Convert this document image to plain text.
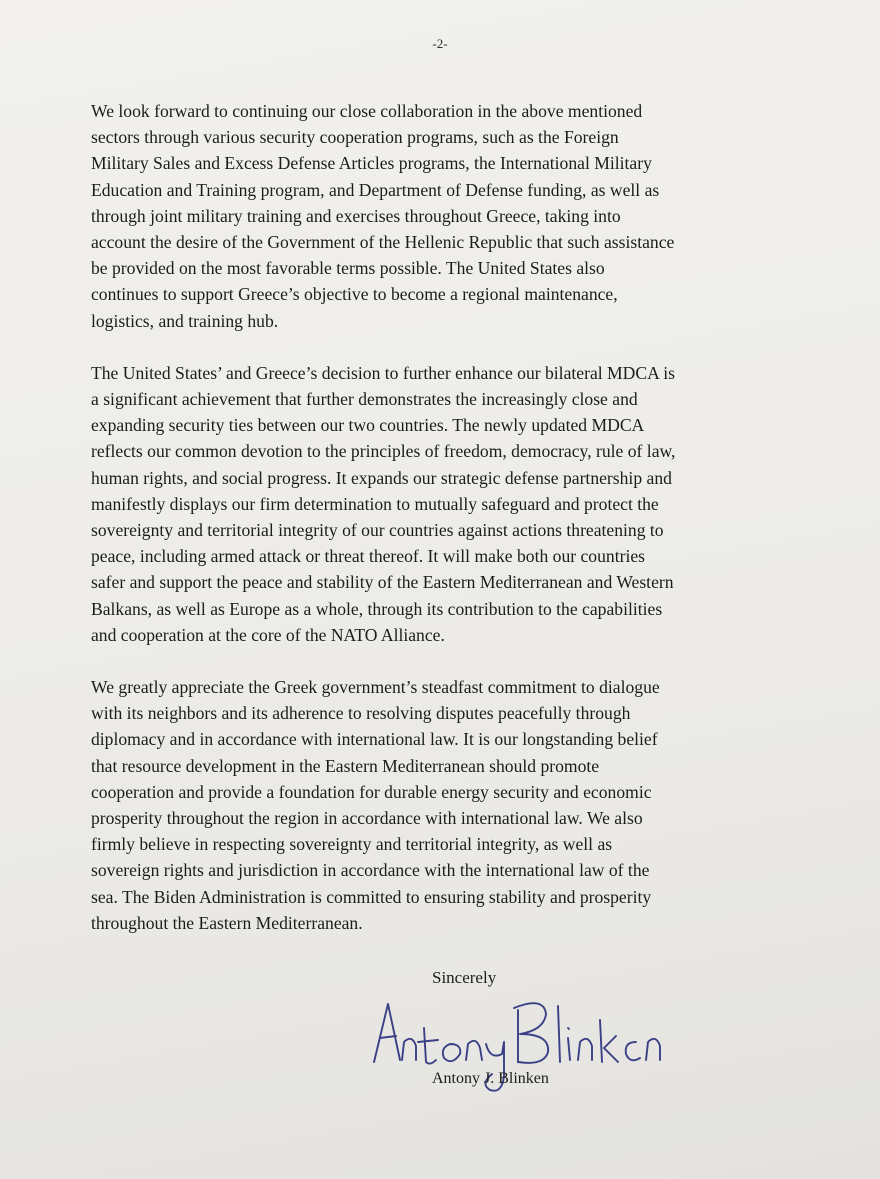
-2-

We look forward to continuing our close collaboration in the above mentioned
sectors through various security cooperation programs, such as the Foreign
Military Sales and Excess Defense Articles programs, the International Military
Education and Training program, and Department of Defense funding, as well as
through joint military training and exercises throughout Greece, taking into
account the desire of the Government of the Hellenic Republic that such assistance
be provided on the most favorable terms possible. The United States also
continues to support Greece’s objective to become a regional maintenance,
logistics, and training hub.

The United States’ and Greece’s decision to further enhance our bilateral MDCA is
a significant achievement that further demonstrates the increasingly close and
expanding security ties between our two countries. The newly updated MDCA
reflects our common devotion to the principles of freedom, democracy, rule of law,
human rights, and social progress. It expands our strategic defense partnership and
manifestly displays our firm determination to mutually safeguard and protect the
sovereignty and territorial integrity of our countries against actions threatening to
peace, including armed attack or threat thereof. It will make both our countries
safer and support the peace and stability of the Eastern Mediterranean and Western
Balkans, as well as Europe as a whole, through its contribution to the capabilities
and cooperation at the core of the NATO Alliance.

We greatly appreciate the Greek government’s steadfast commitment to dialogue
with its neighbors and its adherence to resolving disputes peacefully through
diplomacy and in accordance with international law. It is our longstanding belief
that resource development in the Eastern Mediterranean should promote
cooperation and provide a foundation for durable energy security and economic
prosperity throughout the region in accordance with international law. We also
firmly believe in respecting sovereignty and territorial integrity, as well as
sovereign rights and jurisdiction in accordance with the international law of the
sea. The Biden Administration is committed to ensuring stability and prosperity
throughout the Eastern Mediterranean.

Sincerely
Antony J. Blinken
